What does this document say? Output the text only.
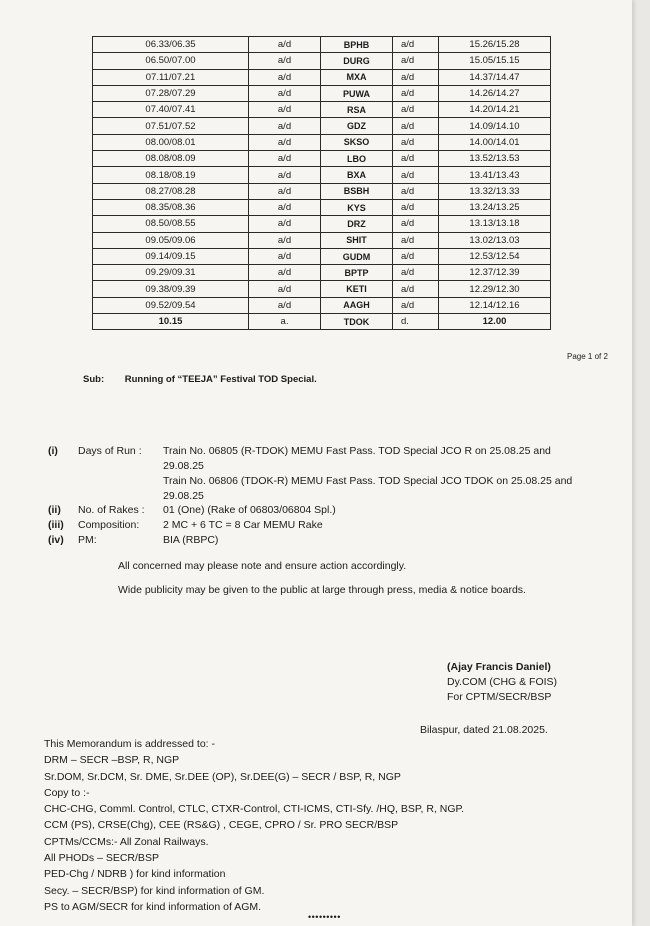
06.33/06.35	a/d	BPHB	a/d	15.26/15.28
06.50/07.00	a/d	DURG	a/d	15.05/15.15
07.11/07.21	a/d	MXA	a/d	14.37/14.47
07.28/07.29	a/d	PUWA	a/d	14.26/14.27
07.40/07.41	a/d	RSA	a/d	14.20/14.21
07.51/07.52	a/d	GDZ	a/d	14.09/14.10
08.00/08.01	a/d	SKSO	a/d	14.00/14.01
08.08/08.09	a/d	LBO	a/d	13.52/13.53
08.18/08.19	a/d	BXA	a/d	13.41/13.43
08.27/08.28	a/d	BSBH	a/d	13.32/13.33
08.35/08.36	a/d	KYS	a/d	13.24/13.25
08.50/08.55	a/d	DRZ	a/d	13.13/13.18
09.05/09.06	a/d	SHIT	a/d	13.02/13.03
09.14/09.15	a/d	GUDM	a/d	12.53/12.54
09.29/09.31	a/d	BPTP	a/d	12.37/12.39
09.38/09.39	a/d	KETI	a/d	12.29/12.30
09.52/09.54	a/d	AAGH	a/d	12.14/12.16
10.15	a.	TDOK	d.	12.00
Page 1 of 2
Sub: Running of “TEEJA” Festival TOD Special.
(i) Days of Run : Train No. 06805 (R-TDOK) MEMU Fast Pass. TOD Special JCO R on 25.08.25 and 29.08.25
Train No. 06806 (TDOK-R) MEMU Fast Pass. TOD Special JCO TDOK on 25.08.25 and 29.08.25
(ii) No. of Rakes : 01 (One) (Rake of 06803/06804 Spl.)
(iii) Composition: 2 MC + 6 TC = 8 Car MEMU Rake
(iv) PM:	BIA (RBPC)
All concerned may please note and ensure action accordingly.
Wide publicity may be given to the public at large through press, media & notice boards.
(Ajay Francis Daniel)
Dy.COM (CHG & FOIS)
For CPTM/SECR/BSP
Bilaspur, dated 21.08.2025.
This Memorandum is addressed to: -
DRM – SECR –BSP, R, NGP
Sr.DOM, Sr.DCM, Sr. DME, Sr.DEE (OP), Sr.DEE(G) – SECR / BSP, R, NGP
Copy to :-
CHC-CHG, Comml. Control, CTLC, CTXR-Control, CTI-ICMS, CTI-Sfy. /HQ, BSP, R, NGP.
CCM (PS), CRSE(Chg), CEE (RS&G) , CEGE, CPRO / Sr. PRO SECR/BSP
CPTMs/CCMs:- All Zonal Railways.
All PHODs – SECR/BSP
PED-Chg / NDRB ) for kind information
Secy. – SECR/BSP) for kind information of GM.
PS to AGM/SECR for kind information of AGM.
•••••••••
